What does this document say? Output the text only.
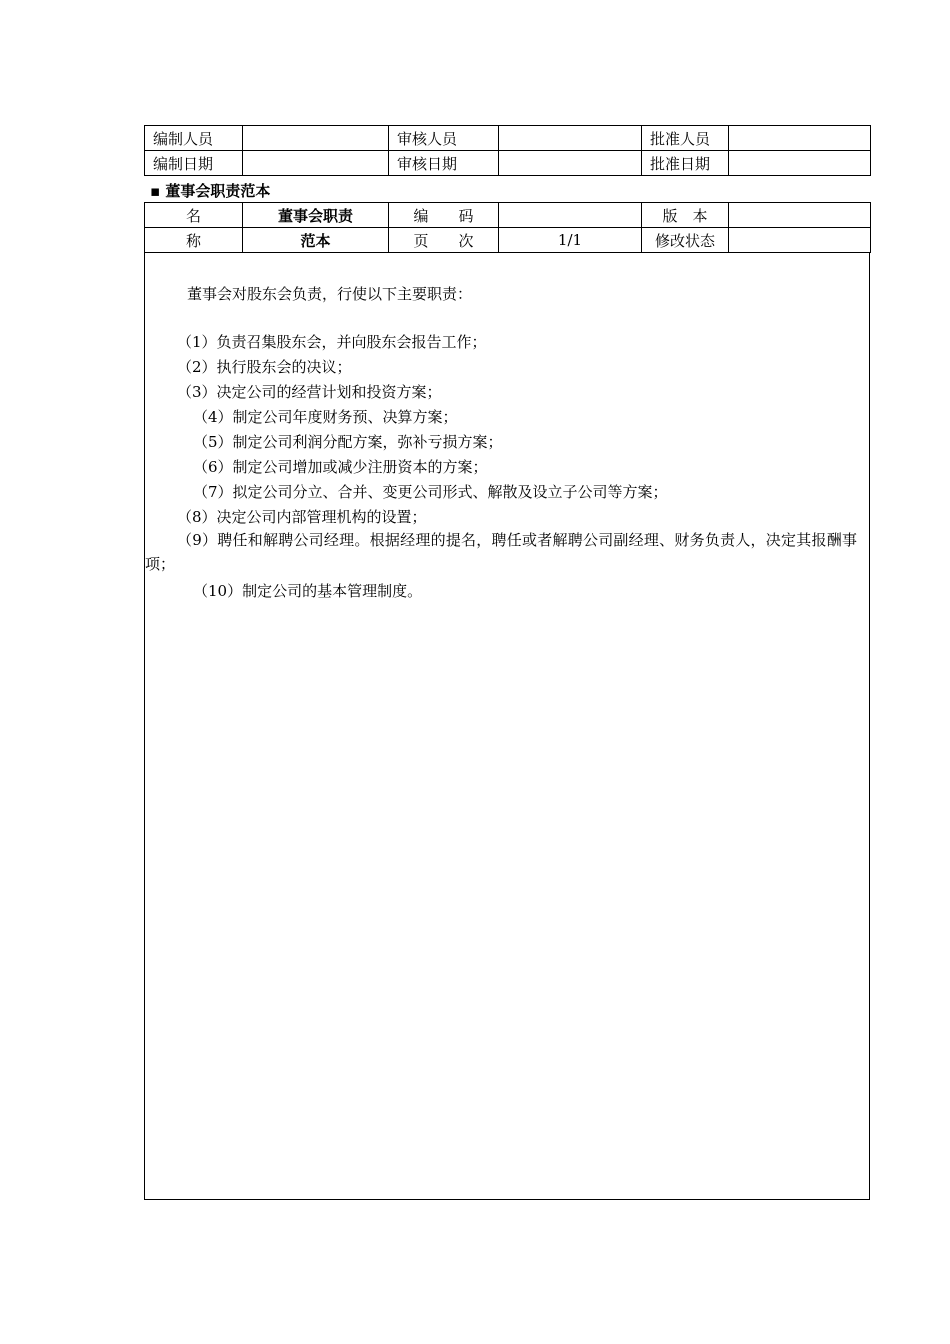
编制人员		审核人员		批准人员	
编制日期		审核日期		批准日期	
▪ 董事会职责范本
名	董事会职责	编　　码		版　本	
称	范本	页　　次	1/1	修改状态	
董事会对股东会负责，行使以下主要职责：
（1）负责召集股东会，并向股东会报告工作；
（2）执行股东会的决议；
（3）决定公司的经营计划和投资方案；
（4）制定公司年度财务预、决算方案；
（5）制定公司利润分配方案，弥补亏损方案；
（6）制定公司增加或减少注册资本的方案；
（7）拟定公司分立、合并、变更公司形式、解散及设立子公司等方案；
（8）决定公司内部管理机构的设置；
（9）聘任和解聘公司经理。根据经理的提名，聘任或者解聘公司副经理、财务负责人，决定其报酬事项；
（10）制定公司的基本管理制度。
